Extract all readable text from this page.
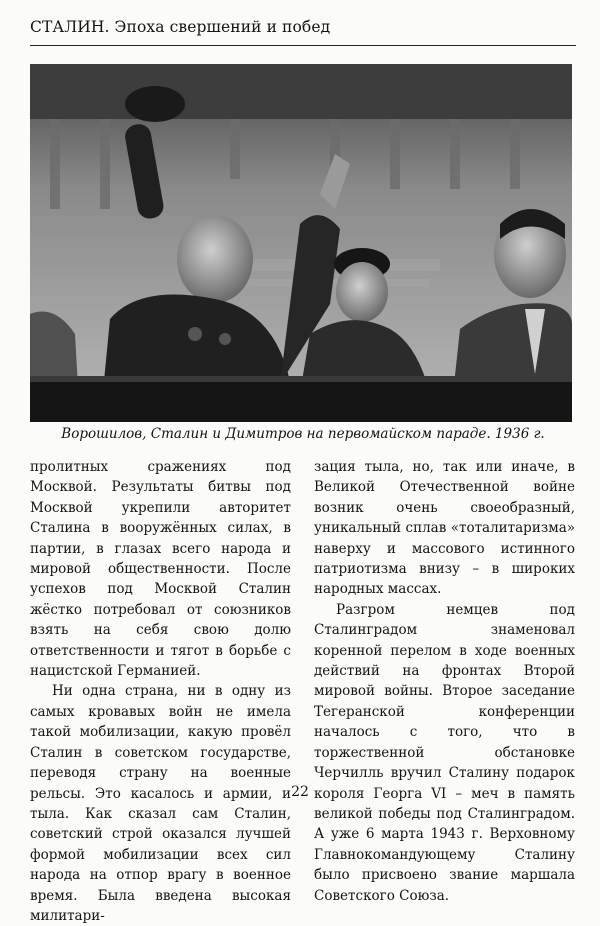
СТАЛИН. Эпоха свершений и побед
Ворошилов, Сталин и Димитров на первомайском параде. 1936 г.

пролитных сражениях под Москвой. Результаты битвы под Москвой укрепили авторитет Сталина в вооружённых силах, в партии, в глазах всего народа и мировой общественности. После успехов под Москвой Сталин жёстко потребовал от союзников взять на себя свою долю ответственности и тягот в борьбе с нацистской Германией.

Ни одна страна, ни в одну из самых кровавых войн не имела такой мобилизации, какую провёл Сталин в советском государстве, переводя страну на военные рельсы. Это касалось и армии, и тыла. Как сказал сам Сталин, советский строй оказался лучшей формой мобилизации всех сил народа на отпор врагу в военное время. Была введена высокая милитари-

зация тыла, но, так или иначе, в Великой Отечественной войне возник очень своеобразный, уникальный сплав «тоталитаризма» наверху и массового истинного патриотизма внизу – в широких народных массах.

Разгром немцев под Сталинградом знаменовал коренной перелом в ходе военных действий на фронтах Второй мировой войны. Второе заседание Тегеранской конференции началось с того, что в торжественной обстановке Черчилль вручил Сталину подарок короля Георга VI – меч в память великой победы под Сталинградом. А уже 6 марта 1943 г. Верховному Главнокомандующему Сталину было присвоено звание маршала Советского Союза.

22
